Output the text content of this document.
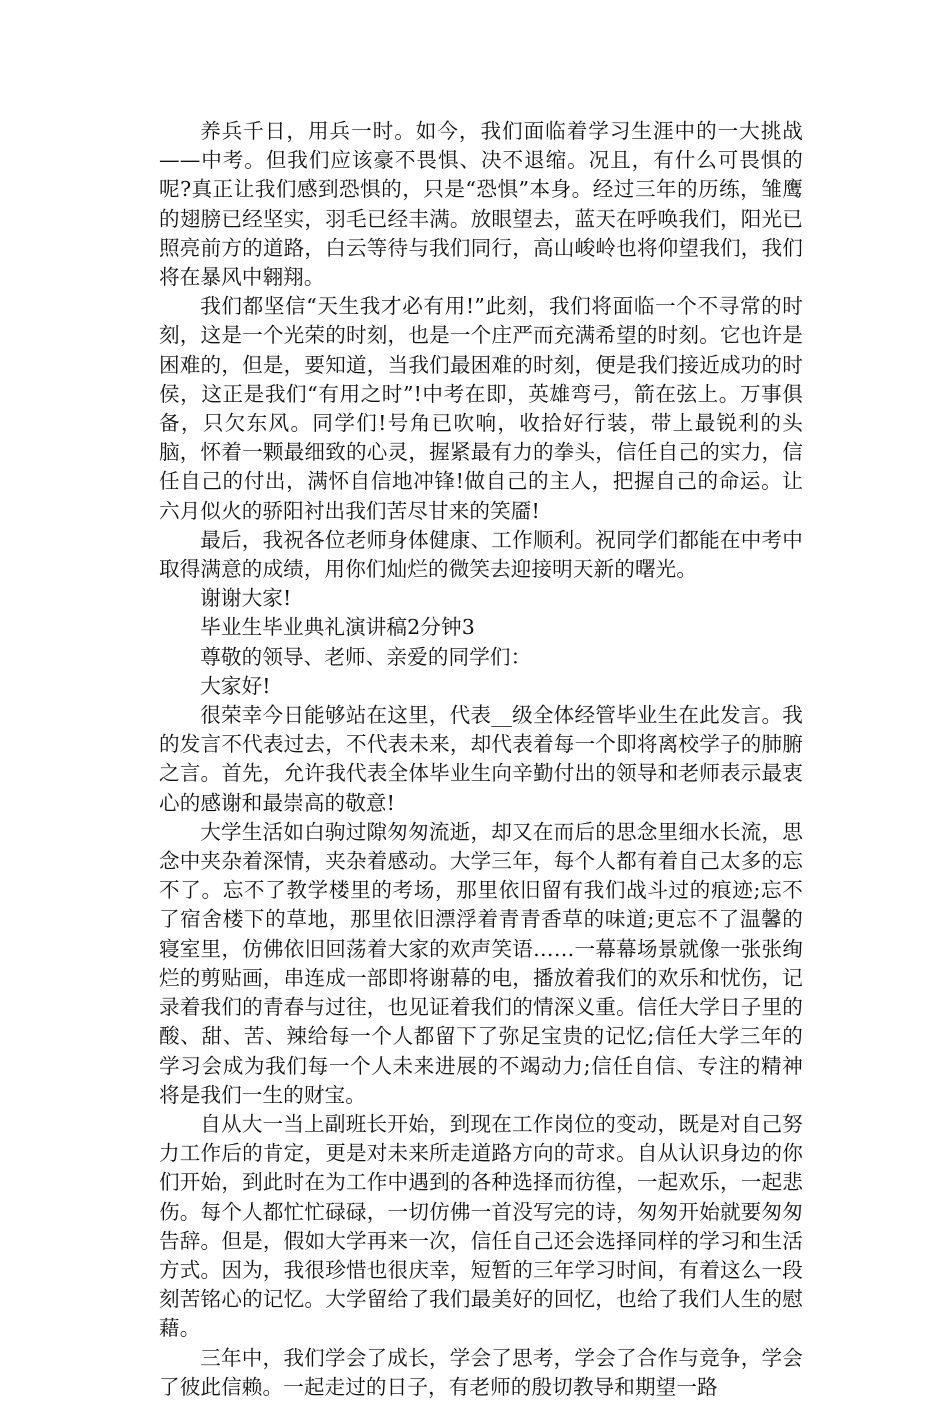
养兵千日，用兵一时。如今，我们面临着学习生涯中的一大挑战——中考。但我们应该豪不畏惧、决不退缩。况且，有什么可畏惧的呢?真正让我们感到恐惧的，只是“恐惧”本身。经过三年的历练，雏鹰的翅膀已经坚实，羽毛已经丰满。放眼望去，蓝天在呼唤我们，阳光已照亮前方的道路，白云等待与我们同行，高山峻岭也将仰望我们，我们将在暴风中翱翔。

我们都坚信“天生我才必有用!”此刻，我们将面临一个不寻常的时刻，这是一个光荣的时刻，也是一个庄严而充满希望的时刻。它也许是困难的，但是，要知道，当我们最困难的时刻，便是我们接近成功的时侯，这正是我们“有用之时”!中考在即，英雄弯弓，箭在弦上。万事俱备，只欠东风。同学们!号角已吹响，收拾好行装，带上最锐利的头脑，怀着一颗最细致的心灵，握紧最有力的拳头，信任自己的实力，信任自己的付出，满怀自信地冲锋!做自己的主人，把握自己的命运。让六月似火的骄阳衬出我们苦尽甘来的笑靥!

最后，我祝各位老师身体健康、工作顺利。祝同学们都能在中考中取得满意的成绩，用你们灿烂的微笑去迎接明天新的曙光。

谢谢大家!

毕业生毕业典礼演讲稿2分钟3

尊敬的领导、老师、亲爱的同学们：

大家好!

很荣幸今日能够站在这里，代表__级全体经管毕业生在此发言。我的发言不代表过去，不代表未来，却代表着每一个即将离校学子的肺腑之言。首先，允许我代表全体毕业生向辛勤付出的领导和老师表示最衷心的感谢和最崇高的敬意!

大学生活如白驹过隙匆匆流逝，却又在而后的思念里细水长流，思念中夹杂着深情，夹杂着感动。大学三年，每个人都有着自己太多的忘不了。忘不了教学楼里的考场，那里依旧留有我们战斗过的痕迹;忘不了宿舍楼下的草地，那里依旧漂浮着青青香草的味道;更忘不了温馨的寝室里，仿佛依旧回荡着大家的欢声笑语……一幕幕场景就像一张张绚烂的剪贴画，串连成一部即将谢幕的电，播放着我们的欢乐和忧伤，记录着我们的青春与过往，也见证着我们的情深义重。信任大学日子里的酸、甜、苦、辣给每一个人都留下了弥足宝贵的记忆;信任大学三年的学习会成为我们每一个人未来进展的不竭动力;信任自信、专注的精神将是我们一生的财宝。

自从大一当上副班长开始，到现在工作岗位的变动，既是对自己努力工作后的肯定，更是对未来所走道路方向的苛求。自从认识身边的你们开始，到此时在为工作中遇到的各种选择而彷徨，一起欢乐，一起悲伤。每个人都忙忙碌碌，一切仿佛一首没写完的诗，匆匆开始就要匆匆告辞。但是，假如大学再来一次，信任自己还会选择同样的学习和生活方式。因为，我很珍惜也很庆幸，短暂的三年学习时间，有着这么一段刻苦铭心的记忆。大学留给了我们最美好的回忆，也给了我们人生的慰藉。

三年中，我们学会了成长，学会了思考，学会了合作与竞争，学会了彼此信赖。一起走过的日子，有老师的殷切教导和期望一路
